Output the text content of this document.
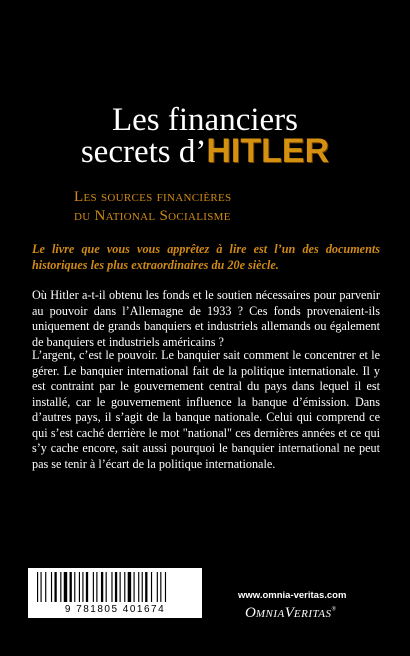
Les financiers
secrets d’HITLER
Les sources financières
du National Socialisme
Le livre que vous vous apprêtez à lire est l’un des documents historiques les plus extraordinaires du 20e siècle.

Où Hitler a-t-il obtenu les fonds et le soutien nécessaires pour parvenir au pouvoir dans l’Allemagne de 1933 ? Ces fonds provenaient-ils uniquement de grands banquiers et industriels allemands ou également de banquiers et industriels américains ?

L’argent, c’est le pouvoir. Le banquier sait comment le concentrer et le gérer. Le banquier international fait de la politique internationale. Il y est contraint par le gouvernement central du pays dans lequel il est installé, car le gouvernement influence la banque d’émission. Dans d’autres pays, il s’agit de la banque nationale. Celui qui comprend ce qui s’est caché derrière le mot "national" ces dernières années et ce qui s’y cache encore, sait aussi pourquoi le banquier international ne peut pas se tenir à l’écart de la politique internationale.

9 781805 401674
www.omnia-veritas.com
OMNIAVERITAS®
